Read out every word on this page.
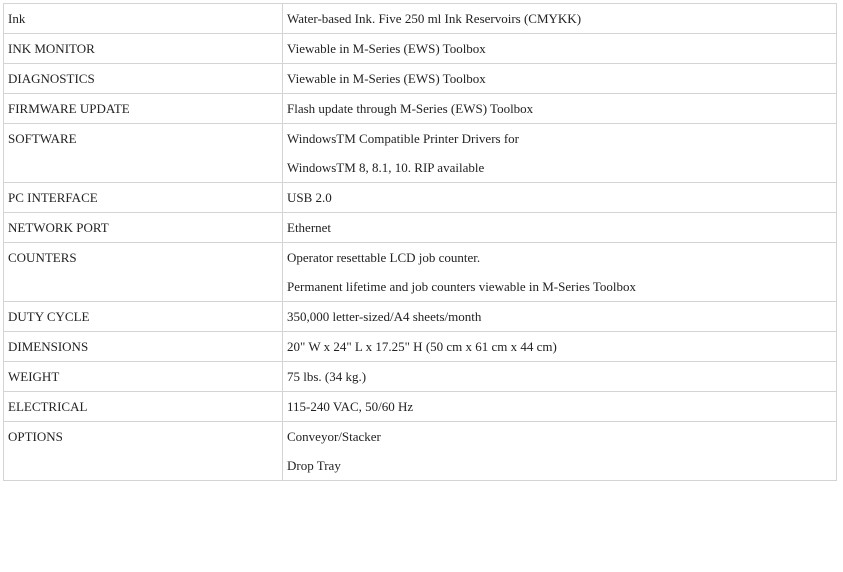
Ink	Water-based Ink. Five 250 ml Ink Reservoirs (CMYKK)

INK MONITOR	Viewable in M-Series (EWS) Toolbox

DIAGNOSTICS	Viewable in M-Series (EWS) Toolbox

FIRMWARE UPDATE	Flash update through M-Series (EWS) Toolbox

SOFTWARE	WindowsTM Compatible Printer Drivers for
WindowsTM 8, 8.1, 10. RIP available

PC INTERFACE	USB 2.0

NETWORK PORT	Ethernet

COUNTERS	Operator resettable LCD job counter.
Permanent lifetime and job counters viewable in M-Series Toolbox

DUTY CYCLE	350,000 letter-sized/A4 sheets/month

DIMENSIONS	20" W x 24" L x 17.25" H (50 cm x 61 cm x 44 cm)

WEIGHT	75 lbs. (34 kg.)

ELECTRICAL	115-240 VAC, 50/60 Hz

OPTIONS	Conveyor/Stacker
Drop Tray
